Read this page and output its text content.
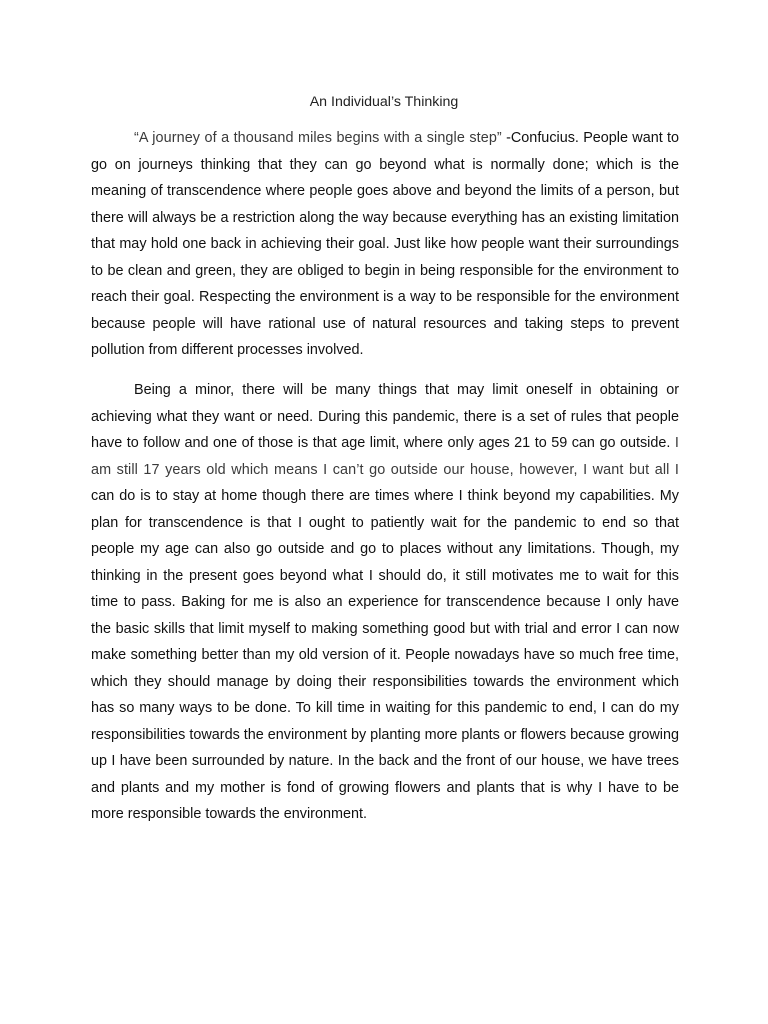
An Individual’s Thinking

“A journey of a thousand miles begins with a single step” -Confucius. People want to go on journeys thinking that they can go beyond what is normally done; which is the meaning of transcendence where people goes above and beyond the limits of a person, but there will always be a restriction along the way because everything has an existing limitation that may hold one back in achieving their goal. Just like how people want their surroundings to be clean and green, they are obliged to begin in being responsible for the environment to reach their goal. Respecting the environment is a way to be responsible for the environment because people will have rational use of natural resources and taking steps to prevent pollution from different processes involved.

Being a minor, there will be many things that may limit oneself in obtaining or achieving what they want or need. During this pandemic, there is a set of rules that people have to follow and one of those is that age limit, where only ages 21 to 59 can go outside. I am still 17 years old which means I can’t go outside our house, however, I want but all I can do is to stay at home though there are times where I think beyond my capabilities. My plan for transcendence is that I ought to patiently wait for the pandemic to end so that people my age can also go outside and go to places without any limitations. Though, my thinking in the present goes beyond what I should do, it still motivates me to wait for this time to pass. Baking for me is also an experience for transcendence because I only have the basic skills that limit myself to making something good but with trial and error I can now make something better than my old version of it. People nowadays have so much free time, which they should manage by doing their responsibilities towards the environment which has so many ways to be done. To kill time in waiting for this pandemic to end, I can do my responsibilities towards the environment by planting more plants or flowers because growing up I have been surrounded by nature. In the back and the front of our house, we have trees and plants and my mother is fond of growing flowers and plants that is why I have to be more responsible towards the environment.
